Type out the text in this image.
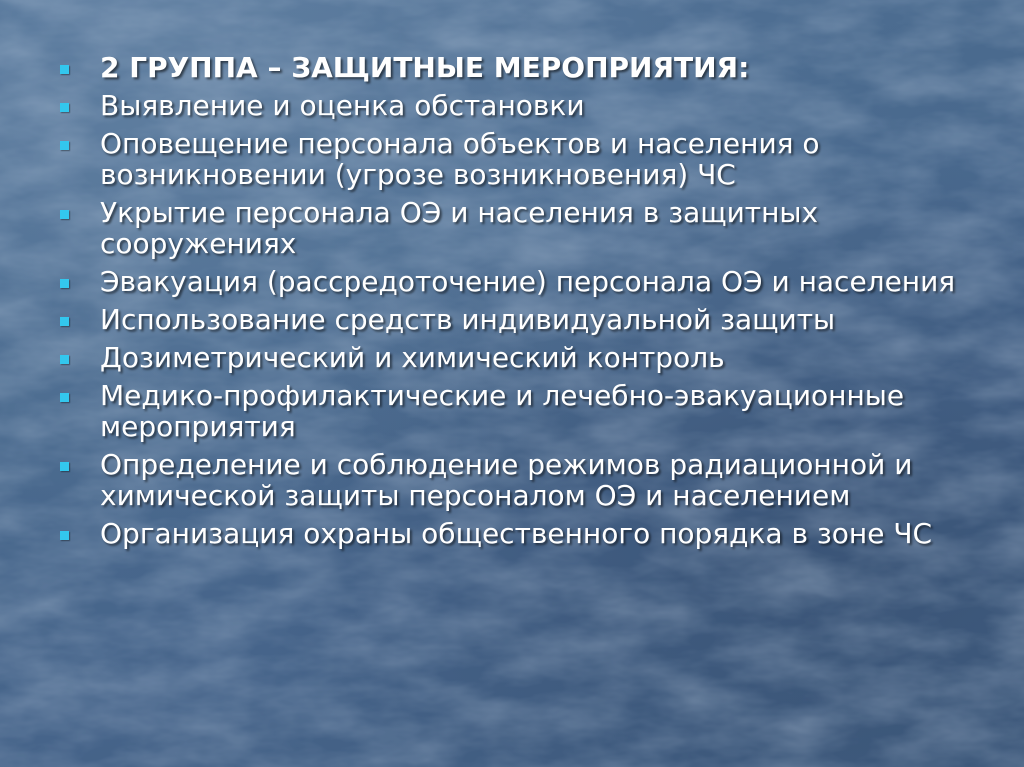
2 ГРУППА – ЗАЩИТНЫЕ МЕРОПРИЯТИЯ:
Выявление и оценка обстановки
Оповещение персонала объектов и населения о возникновении (угрозе возникновения) ЧС
Укрытие персонала ОЭ и населения в защитных сооружениях
Эвакуация (рассредоточение) персонала ОЭ и населения
Использование средств индивидуальной защиты
Дозиметрический и химический контроль
Медико-профилактические и лечебно-эвакуационные мероприятия
Определение и соблюдение режимов радиационной и химической защиты персоналом ОЭ и населением
Организация охраны общественного порядка в зоне ЧС
